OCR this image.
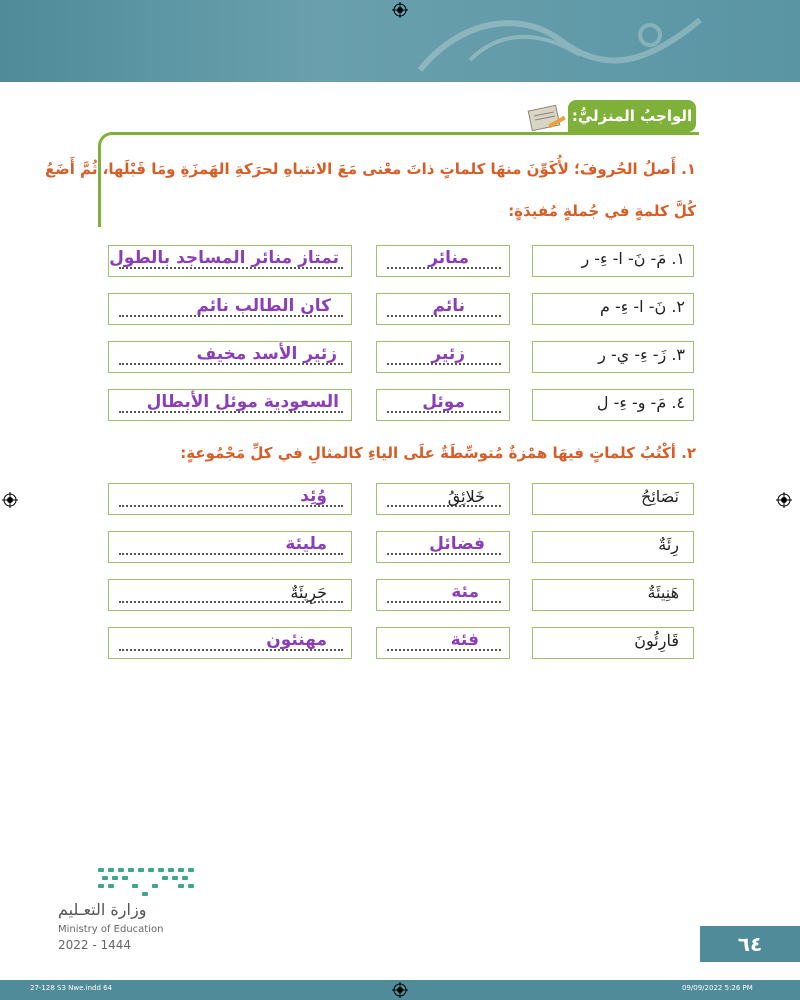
الواجبُ المنزليُّ:
١. أَصلُ الحُروفَ؛ لأُكَوِّنَ منهَا كلماتٍ ذاتَ معْنى مَعَ الانتباهِ لحرَكةِ الهَمزَةِ ومَا قَبْلَها، ثُمَّ أَضَعُ
كُلَّ كلمةٍ في جُملةٍ مُفيدَةٍ:
١. مَ- نَ- ا- ءِ- ر
منائر
تمتاز منائر المساجد بالطول
٢. نَ- ا- ءِ- م
نائم
كان الطالب نائم
٣. زَ- ءِ- ي- ر
زئير
زئير الأسد مخيف
٤. مَ- و- ءِ- ل
موئل
السعودية موئل الأبطال
٢. أكْتُبُ كلماتٍ فيهَا همْزةٌ مُتوسِّطَةٌ علَى الياءِ كالمثالِ في كلِّ مَجْمُوعةٍ:
نَصَائِحُ
خَلائِقُ
وُئِد
رِئَةٌ
فضائل
مليئة
هَنِيئَةٌ
مئة
جَرِيئَةٌ
قَارِئُونَ
فئة
مهنئون
وزارة التعـليم
Ministry of Education
2022 - 1444	٦٤
27-128 S3 Nwe.indd 64	09/09/2022 5:26 PM
